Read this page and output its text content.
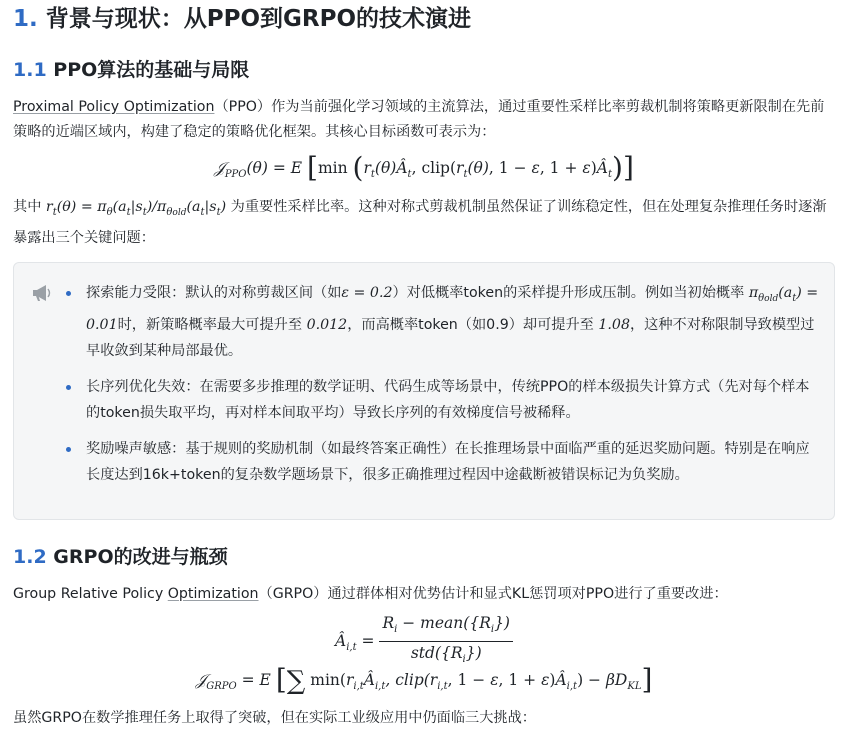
1. 背景与现状：从PPO到GRPO的技术演进
1.1 PPO算法的基础与局限

Proximal Policy Optimization（PPO）作为当前强化学习领域的主流算法，通过重要性采样比率剪裁机制将策略更新限制在先前策略的近端区域内，构建了稳定的策略优化框架。其核心目标函数可表示为：

𝒥$_{PPO}$(θ) = E [min ($r_t(\theta)Â_t$, $clip(r_t(\theta)$, 1 − ε, $1 + \varepsilon)Â_t$)]

其中 $r_t(\theta) = \pi_\theta(a_t|s_t)/\pi_{\theta old}(a_t|s_t)$ 为重要性采样比率。这种对称式剪裁机制虽然保证了训练稳定性，但在处理复杂推理任务时逐渐暴露出三个关键问题：

探索能力受限：默认的对称剪裁区间（如ε = 0.2）对低概率token的采样提升形成压制。例如当初始概率 $\pi_{\theta old}(a_t) = 0.01$时，新策略概率最大可提升至 0.012，而高概率token（如0.9）却可提升至 1.08，这种不对称限制导致模型过早收敛到某种局部最优。
长序列优化失效：在需要多步推理的数学证明、代码生成等场景中，传统PPO的样本级损失计算方式（先对每个样本的token损失取平均，再对样本间取平均）导致长序列的有效梯度信号被稀释。
奖励噪声敏感：基于规则的奖励机制（如最终答案正确性）在长推理场景中面临严重的延迟奖励问题。特别是在响应长度达到16k+token的复杂数学题场景下，很多正确推理过程因中途截断被错误标记为负奖励。
1.2 GRPO的改进与瓶颈

Group Relative Policy Optimization（GRPO）通过群体相对优势估计和显式KL惩罚项对PPO进行了重要改进：

$Â_{i,t} = \frac{R_i - mean(\{R_i\})}{std(\{R_i\})}$
𝒥$_{GRPO}$ = E [∑ $\min(r_{i,t}Â_{i,t}$, $clip(r_{i,t}$, 1 − ε, $1 + \varepsilon)Â_{i,t}) - \beta D_{KL}$]

虽然GRPO在数学推理任务上取得了突破，但在实际工业级应用中仍面临三大挑战：
